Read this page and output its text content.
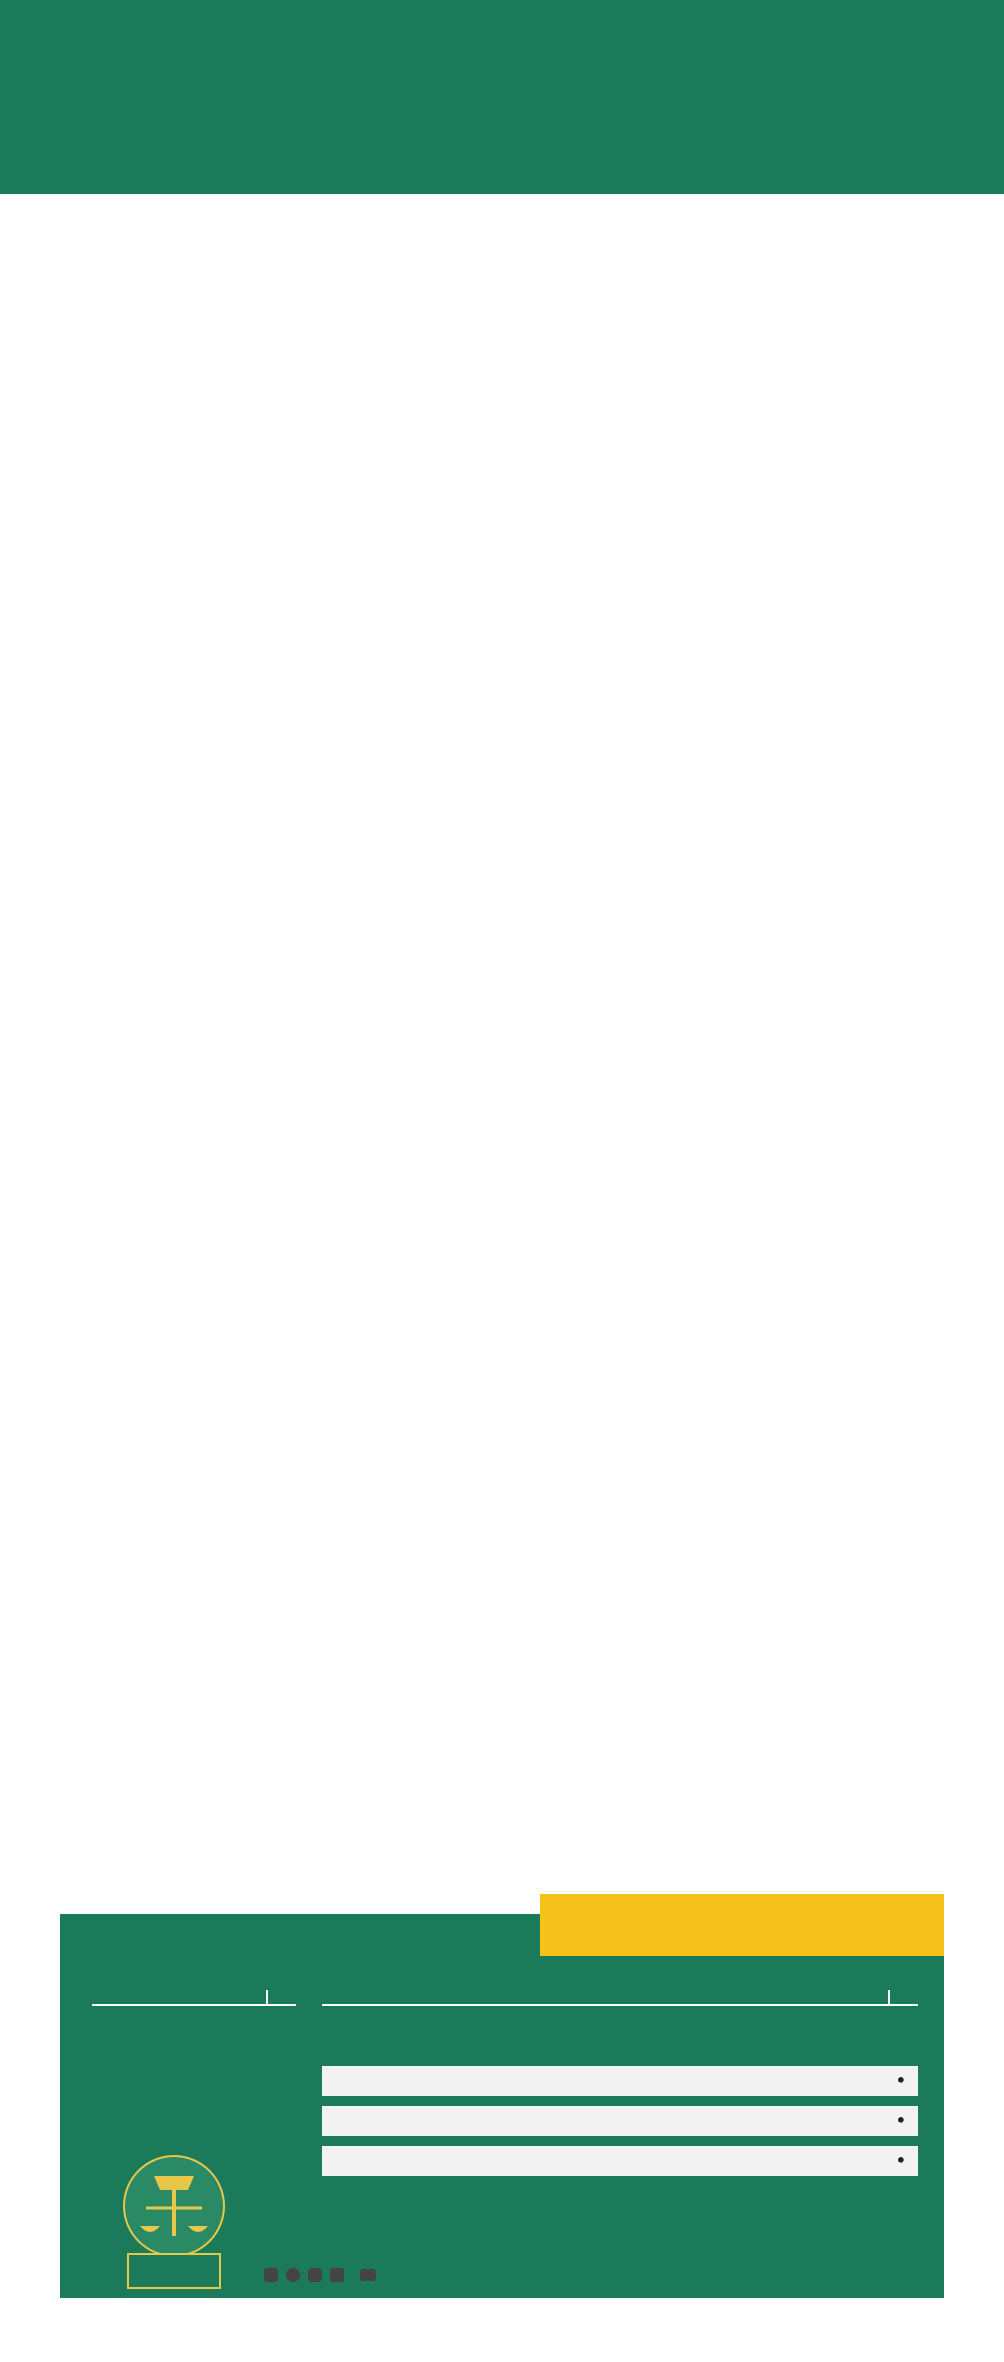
•
•
•
